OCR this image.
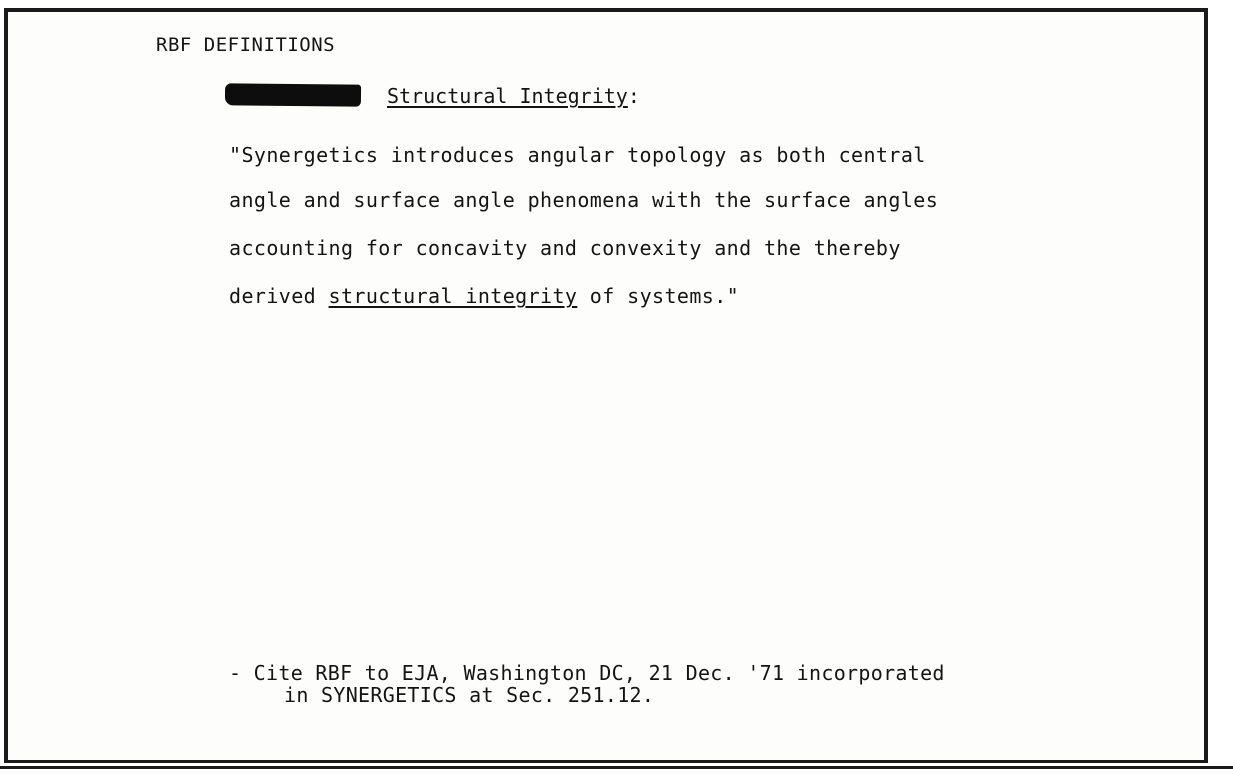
RBF DEFINITIONS
Structural Integrity:
"Synergetics introduces angular topology as both central
angle and surface angle phenomena with the surface angles
accounting for concavity and convexity and the thereby
derived structural integrity of systems."
- Cite RBF to EJA, Washington DC, 21 Dec. '71 incorporated
in SYNERGETICS at Sec. 251.12.
